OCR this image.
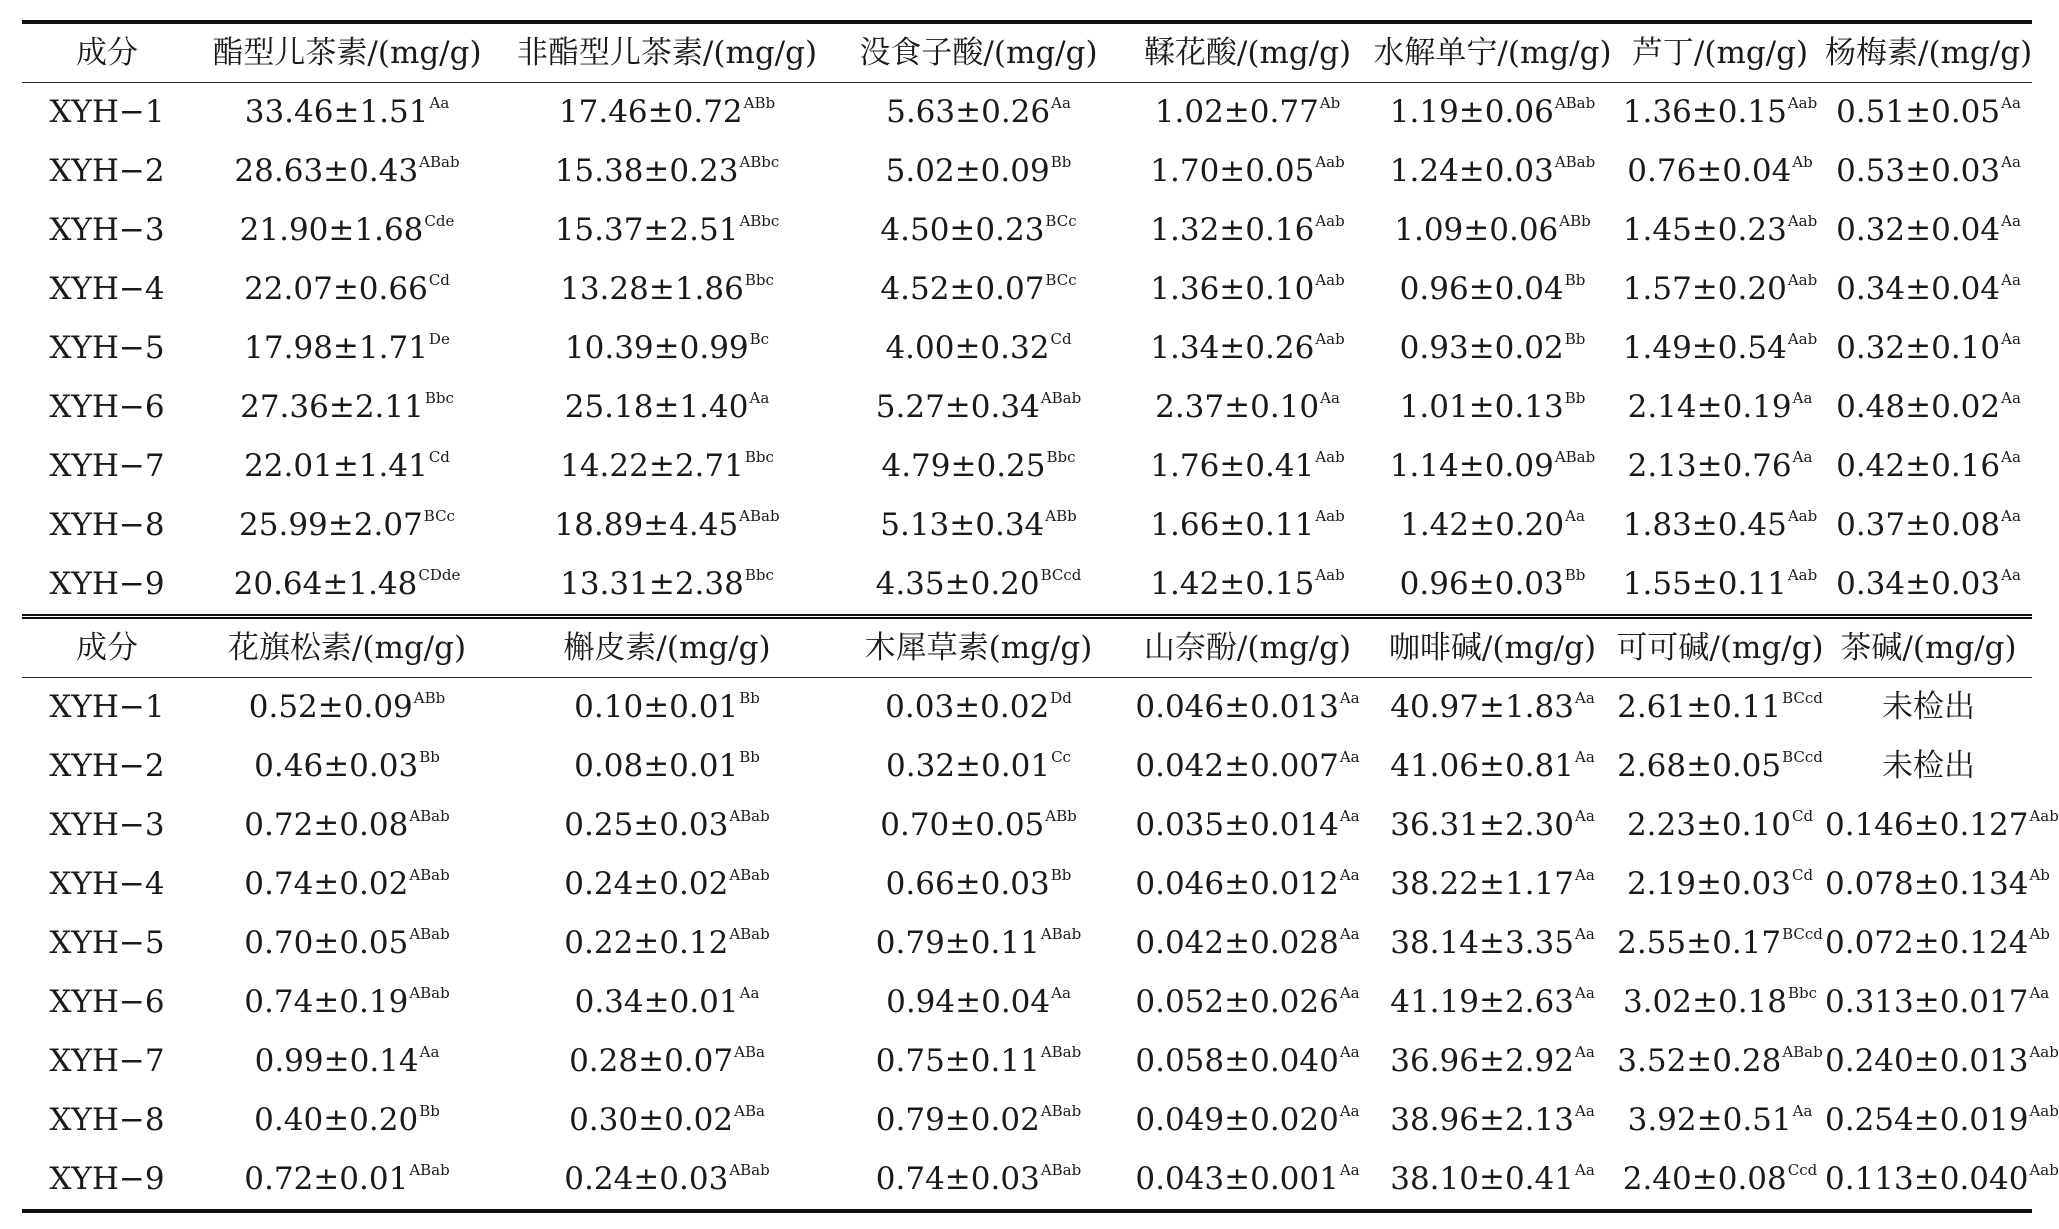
成分	酯型儿茶素/(mg/g)	非酯型儿茶素/(mg/g)	没食子酸/(mg/g)	鞣花酸/(mg/g)	水解单宁/(mg/g)	芦丁/(mg/g)	杨梅素/(mg/g)
XYH−1	$33.46\pm 1.51^{Aa}$	$17.46\pm 0.72^{ABb}$	$5.63\pm 0.26^{Aa}$	$1.02\pm 0.77^{Ab}$	$1.19\pm 0.06^{ABab}$	$1.36\pm 0.15^{Aab}$	$0.51\pm 0.05^{Aa}$
XYH−2	$28.63\pm 0.43^{ABab}$	$15.38\pm 0.23^{ABbc}$	$5.02\pm 0.09^{Bb}$	$1.70\pm 0.05^{Aab}$	$1.24\pm 0.03^{ABab}$	$0.76\pm 0.04^{Ab}$	$0.53\pm 0.03^{Aa}$
XYH−3	$21.90\pm 1.68^{Cde}$	$15.37\pm 2.51^{ABbc}$	$4.50\pm 0.23^{BCc}$	$1.32\pm 0.16^{Aab}$	$1.09\pm 0.06^{ABb}$	$1.45\pm 0.23^{Aab}$	$0.32\pm 0.04^{Aa}$
XYH−4	$22.07\pm 0.66^{Cd}$	$13.28\pm 1.86^{Bbc}$	$4.52\pm 0.07^{BCc}$	$1.36\pm 0.10^{Aab}$	$0.96\pm 0.04^{Bb}$	$1.57\pm 0.20^{Aab}$	$0.34\pm 0.04^{Aa}$
XYH−5	17.98±1.71De	$10.39\pm 0.99^{Bc}$	$4.00\pm 0.32^{Cd}$	$1.34\pm 0.26^{Aab}$	$0.93\pm 0.02^{Bb}$	$1.49\pm 0.54^{Aab}$	$0.32\pm 0.10^{Aa}$
XYH−6	$27.36\pm 2.11^{Bbc}$	$25.18\pm 1.40^{Aa}$	$5.27\pm 0.34^{ABab}$	$2.37\pm 0.10^{Aa}$	$1.01\pm 0.13^{Bb}$	$2.14\pm 0.19^{Aa}$	$0.48\pm 0.02^{Aa}$
XYH−7	$22.01\pm 1.41^{Cd}$	$14.22\pm 2.71^{Bbc}$	$4.79\pm 0.25^{Bbc}$	$1.76\pm 0.41^{Aab}$	$1.14\pm 0.09^{ABab}$	$2.13\pm 0.76^{Aa}$	$0.42\pm 0.16^{Aa}$
XYH−8	$25.99\pm 2.07^{BCc}$	$18.89\pm 4.45^{ABab}$	$5.13\pm 0.34^{ABb}$	$1.66\pm 0.11^{Aab}$	$1.42\pm 0.20^{Aa}$	$1.83\pm 0.45^{Aab}$	$0.37\pm 0.08^{Aa}$
XYH−9	$20.64\pm 1.48^{CDde}$	$13.31\pm 2.38^{Bbc}$	$4.35\pm 0.20^{BCcd}$	$1.42\pm 0.15^{Aab}$	$0.96\pm 0.03^{Bb}$	$1.55\pm 0.11^{Aab}$	$0.34\pm 0.03^{Aa}$
成分	花旗松素/(mg/g)	槲皮素/(mg/g)	木犀草素(mg/g)	山奈酚/(mg/g)	咖啡碱/(mg/g)	可可碱/(mg/g)	茶碱/(mg/g)
XYH−1	$0.52\pm 0.09^{ABb}$	$0.10\pm 0.01^{Bb}$	$0.03\pm 0.02^{Dd}$	$0.046\pm 0.013^{Aa}$	$40.97\pm 1.83^{Aa}$	$2.61\pm 0.11^{BCcd}$	未检出
XYH−2	$0.46\pm 0.03^{Bb}$	$0.08\pm 0.01^{Bb}$	$0.32\pm 0.01^{Cc}$	$0.042\pm 0.007^{Aa}$	$41.06\pm 0.81^{Aa}$	$2.68\pm 0.05^{BCcd}$	未检出
XYH−3	$0.72\pm 0.08^{ABab}$	$0.25\pm 0.03^{ABab}$	$0.70\pm 0.05^{ABb}$	$0.035\pm 0.014^{Aa}$	$36.31\pm 2.30^{Aa}$	$2.23\pm 0.10^{Cd}$	$0.146\pm 0.127^{Aab}$
XYH−4	$0.74\pm 0.02^{ABab}$	$0.24\pm 0.02^{ABab}$	$0.66\pm 0.03^{Bb}$	$0.046\pm 0.012^{Aa}$	$38.22\pm 1.17^{Aa}$	$2.19\pm 0.03^{Cd}$	$0.078\pm 0.134^{Ab}$
XYH−5	$0.70\pm 0.05^{ABab}$	$0.22\pm 0.12^{ABab}$	$0.79\pm 0.11^{ABab}$	$0.042\pm 0.028^{Aa}$	$38.14\pm 3.35^{Aa}$	$2.55\pm 0.17^{BCcd}$	$0.072\pm 0.124^{Ab}$
XYH−6	$0.74\pm 0.19^{ABab}$	$0.34\pm 0.01^{Aa}$	$0.94\pm 0.04^{Aa}$	$0.052\pm 0.026^{Aa}$	$41.19\pm 2.63^{Aa}$	$3.02\pm 0.18^{Bbc}$	$0.313\pm 0.017^{Aa}$
XYH−7	$0.99\pm 0.14^{Aa}$	$0.28\pm 0.07^{ABa}$	$0.75\pm 0.11^{ABab}$	$0.058\pm 0.040^{Aa}$	$36.96\pm 2.92^{Aa}$	$3.52\pm 0.28^{ABab}$	$0.240\pm 0.013^{Aab}$
XYH−8	$0.40\pm 0.20^{Bb}$	$0.30\pm 0.02^{ABa}$	$0.79\pm 0.02^{ABab}$	$0.049\pm 0.020^{Aa}$	$38.96\pm 2.13^{Aa}$	$3.92\pm 0.51^{Aa}$	$0.254\pm 0.019^{Aab}$
XYH−9	$0.72\pm 0.01^{ABab}$	$0.24\pm 0.03^{ABab}$	$0.74\pm 0.03^{ABab}$	$0.043\pm 0.001^{Aa}$	$38.10\pm 0.41^{Aa}$	$2.40\pm 0.08^{Ccd}$	$0.113\pm 0.040^{Aab}$
